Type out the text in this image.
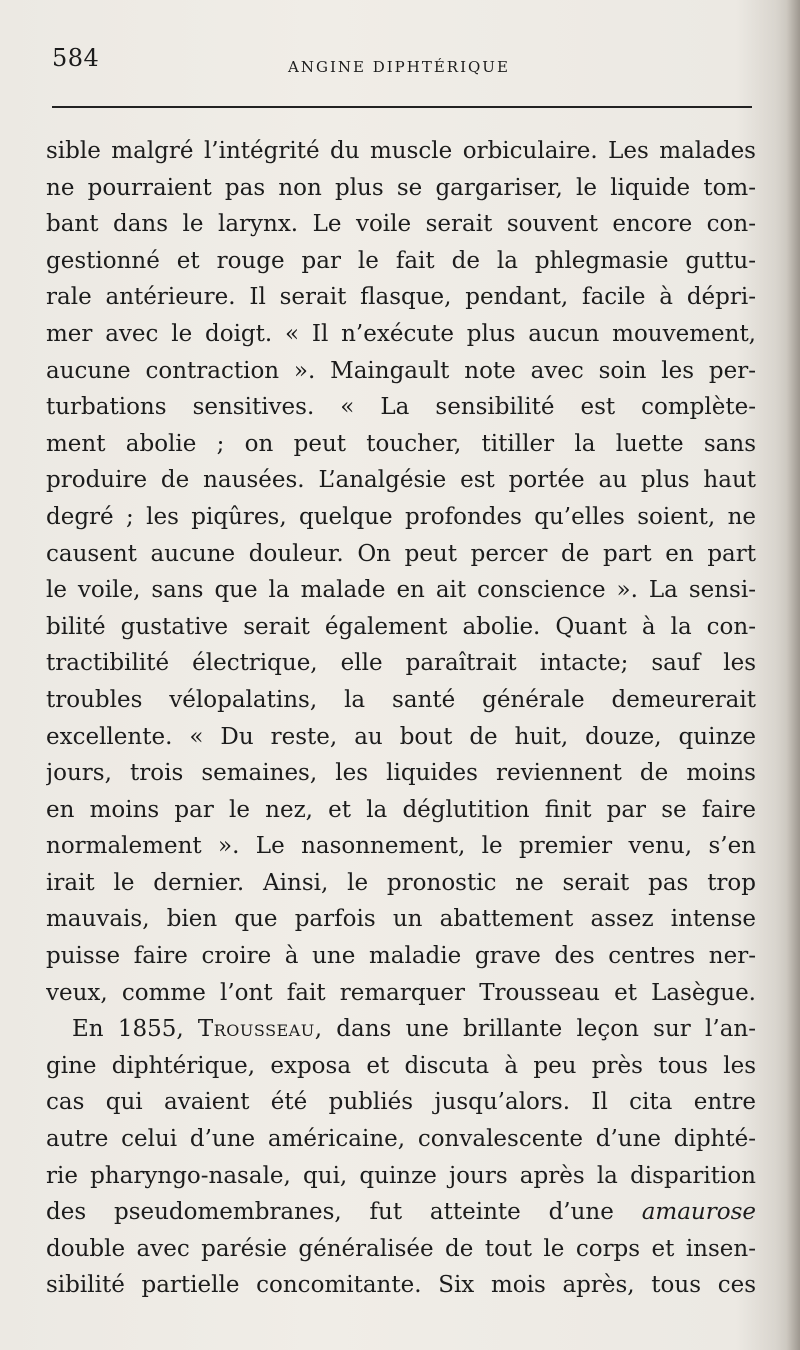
584	ANGINE DIPHTÉRIQUE
sible malgré l’intégrité du muscle orbiculaire. Les malades
ne pourraient pas non plus se gargariser, le liquide tom-
bant dans le larynx. Le voile serait souvent encore con-
gestionné et rouge par le fait de la phlegmasie guttu-
rale antérieure. Il serait flasque, pendant, facile à dépri-
mer avec le doigt. « Il n’exécute plus aucun mouvement,
aucune contraction ». Maingault note avec soin les per-
turbations sensitives. « La sensibilité est complète-
ment abolie ; on peut toucher, titiller la luette sans
produire de nausées. L’analgésie est portée au plus haut
degré ; les piqûres, quelque profondes qu’elles soient, ne
causent aucune douleur. On peut percer de part en part
le voile, sans que la malade en ait conscience ». La sensi-
bilité gustative serait également abolie. Quant à la con-
tractibilité électrique, elle paraîtrait intacte; sauf les
troubles vélopalatins, la santé générale demeurerait
excellente. « Du reste, au bout de huit, douze, quinze
jours, trois semaines, les liquides reviennent de moins
en moins par le nez, et la déglutition finit par se faire
normalement ». Le nasonnement, le premier venu, s’en
irait le dernier. Ainsi, le pronostic ne serait pas trop
mauvais, bien que parfois un abattement assez intense
puisse faire croire à une maladie grave des centres ner-
veux, comme l’ont fait remarquer Trousseau et Lasègue.
En 1855, Trousseau, dans une brillante leçon sur l’an-
gine diphtérique, exposa et discuta à peu près tous les
cas qui avaient été publiés jusqu’alors. Il cita entre
autre celui d’une américaine, convalescente d’une diphté-
rie pharyngo-nasale, qui, quinze jours après la disparition
des pseudomembranes, fut atteinte d’une amaurose
double avec parésie généralisée de tout le corps et insen-
sibilité partielle concomitante. Six mois après, tous ces
